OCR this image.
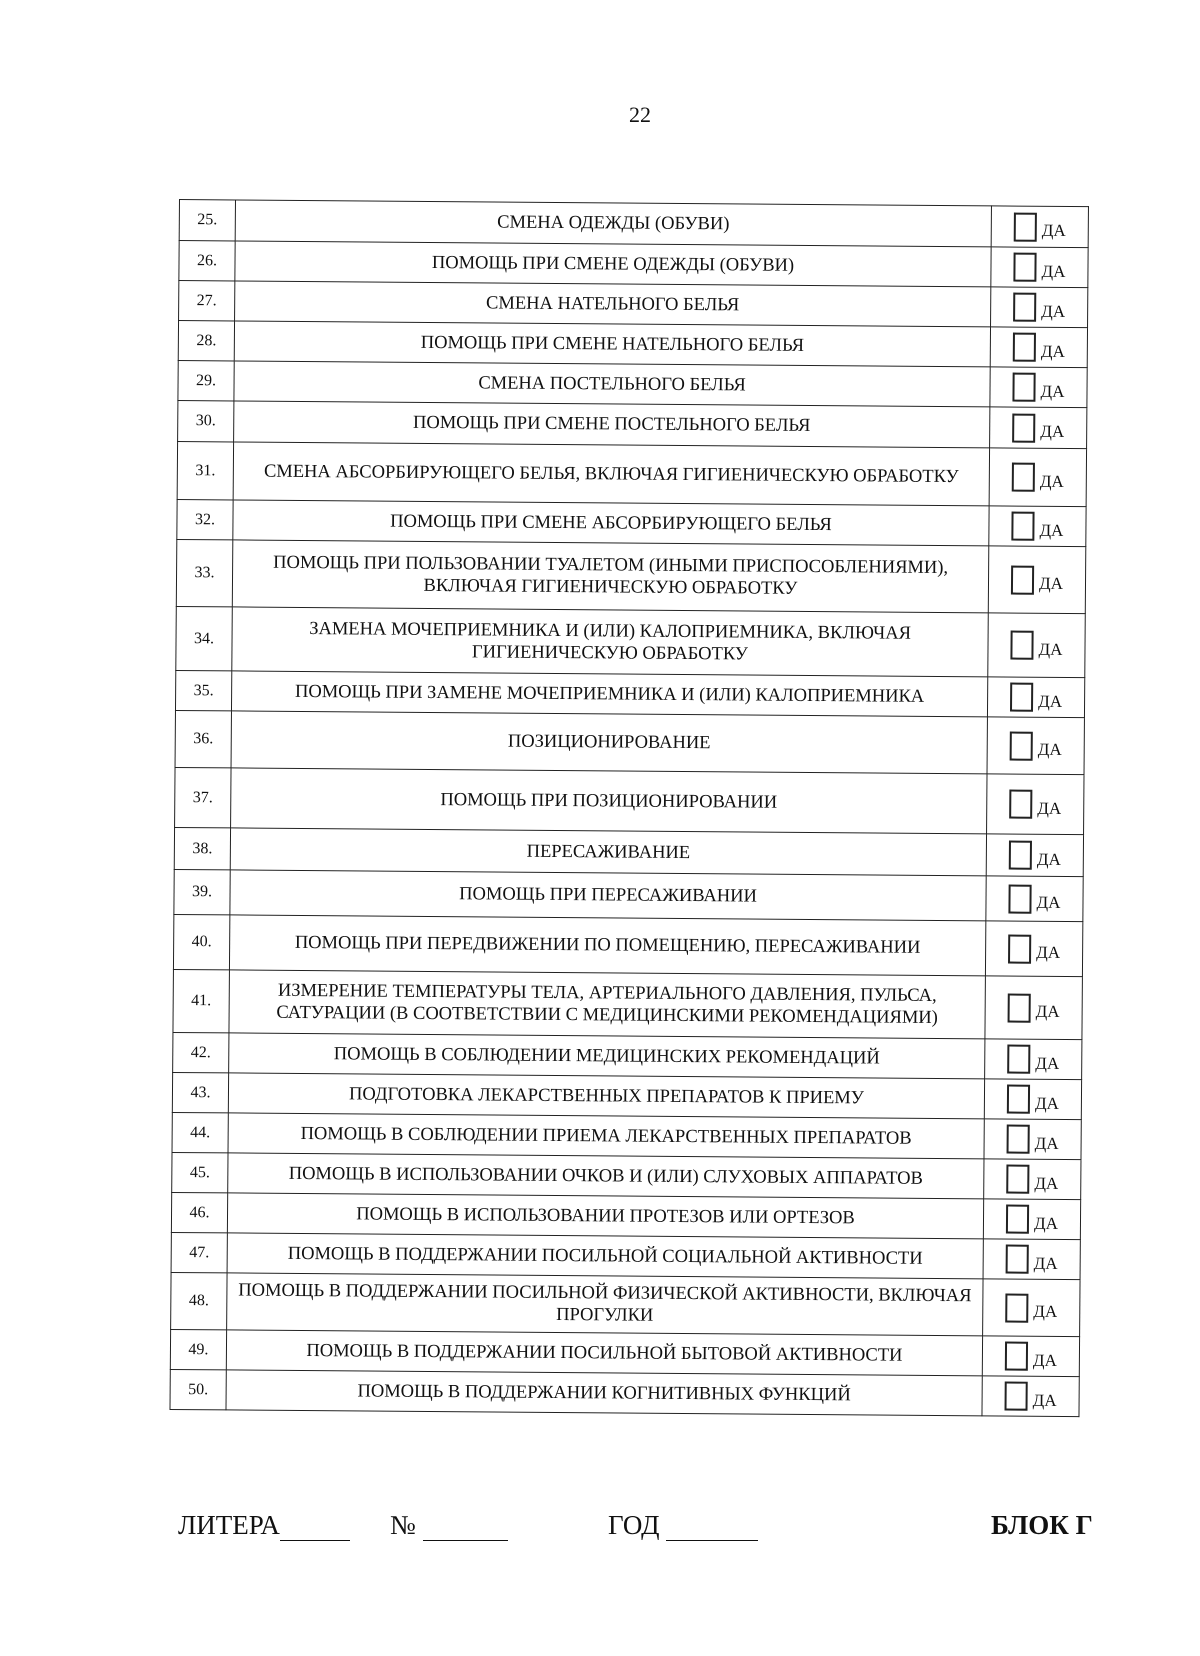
22
25.	СМЕНА ОДЕЖДЫ (ОБУВИ)	ДА

26.	ПОМОЩЬ ПРИ СМЕНЕ ОДЕЖДЫ (ОБУВИ)	ДА

27.	СМЕНА НАТЕЛЬНОГО БЕЛЬЯ	ДА

28.	ПОМОЩЬ ПРИ СМЕНЕ НАТЕЛЬНОГО БЕЛЬЯ	ДА

29.	СМЕНА ПОСТЕЛЬНОГО БЕЛЬЯ	ДА

30.	ПОМОЩЬ ПРИ СМЕНЕ ПОСТЕЛЬНОГО БЕЛЬЯ	ДА

31.	СМЕНА АБСОРБИРУЮЩЕГО БЕЛЬЯ, ВКЛЮЧАЯ ГИГИЕНИЧЕСКУЮ ОБРАБОТКУ	ДА

32.	ПОМОЩЬ ПРИ СМЕНЕ АБСОРБИРУЮЩЕГО БЕЛЬЯ	ДА

33.	ПОМОЩЬ ПРИ ПОЛЬЗОВАНИИ ТУАЛЕТОМ (ИНЫМИ ПРИСПОСОБЛЕНИЯМИ), ВКЛЮЧАЯ ГИГИЕНИЧЕСКУЮ ОБРАБОТКУ	ДА

34.	ЗАМЕНА МОЧЕПРИЕМНИКА И (ИЛИ) КАЛОПРИЕМНИКА, ВКЛЮЧАЯ ГИГИЕНИЧЕСКУЮ ОБРАБОТКУ	ДА

35.	ПОМОЩЬ ПРИ ЗАМЕНЕ МОЧЕПРИЕМНИКА И (ИЛИ) КАЛОПРИЕМНИКА	ДА

36.	ПОЗИЦИОНИРОВАНИЕ	ДА

37.	ПОМОЩЬ ПРИ ПОЗИЦИОНИРОВАНИИ	ДА

38.	ПЕРЕСАЖИВАНИЕ	ДА

39.	ПОМОЩЬ ПРИ ПЕРЕСАЖИВАНИИ	ДА

40.	ПОМОЩЬ ПРИ ПЕРЕДВИЖЕНИИ ПО ПОМЕЩЕНИЮ, ПЕРЕСАЖИВАНИИ	ДА

41.	ИЗМЕРЕНИЕ ТЕМПЕРАТУРЫ ТЕЛА, АРТЕРИАЛЬНОГО ДАВЛЕНИЯ, ПУЛЬСА, САТУРАЦИИ (В СООТВЕТСТВИИ С МЕДИЦИНСКИМИ РЕКОМЕНДАЦИЯМИ)	ДА

42.	ПОМОЩЬ В СОБЛЮДЕНИИ МЕДИЦИНСКИХ РЕКОМЕНДАЦИЙ	ДА

43.	ПОДГОТОВКА ЛЕКАРСТВЕННЫХ ПРЕПАРАТОВ К ПРИЕМУ	ДА

44.	ПОМОЩЬ В СОБЛЮДЕНИИ ПРИЕМА ЛЕКАРСТВЕННЫХ ПРЕПАРАТОВ	ДА

45.	ПОМОЩЬ В ИСПОЛЬЗОВАНИИ ОЧКОВ И (ИЛИ) СЛУХОВЫХ АППАРАТОВ	ДА

46.	ПОМОЩЬ В ИСПОЛЬЗОВАНИИ ПРОТЕЗОВ ИЛИ ОРТЕЗОВ	ДА

47.	ПОМОЩЬ В ПОДДЕРЖАНИИ ПОСИЛЬНОЙ СОЦИАЛЬНОЙ АКТИВНОСТИ	ДА

48.	ПОМОЩЬ В ПОДДЕРЖАНИИ ПОСИЛЬНОЙ ФИЗИЧЕСКОЙ АКТИВНОСТИ, ВКЛЮЧАЯ ПРОГУЛКИ	ДА

49.	ПОМОЩЬ В ПОДДЕРЖАНИИ ПОСИЛЬНОЙ БЫТОВОЙ АКТИВНОСТИ	ДА

50.	ПОМОЩЬ В ПОДДЕРЖАНИИ КОГНИТИВНЫХ ФУНКЦИЙ	ДА
ЛИТЕРА	№	ГОД	БЛОК Г
